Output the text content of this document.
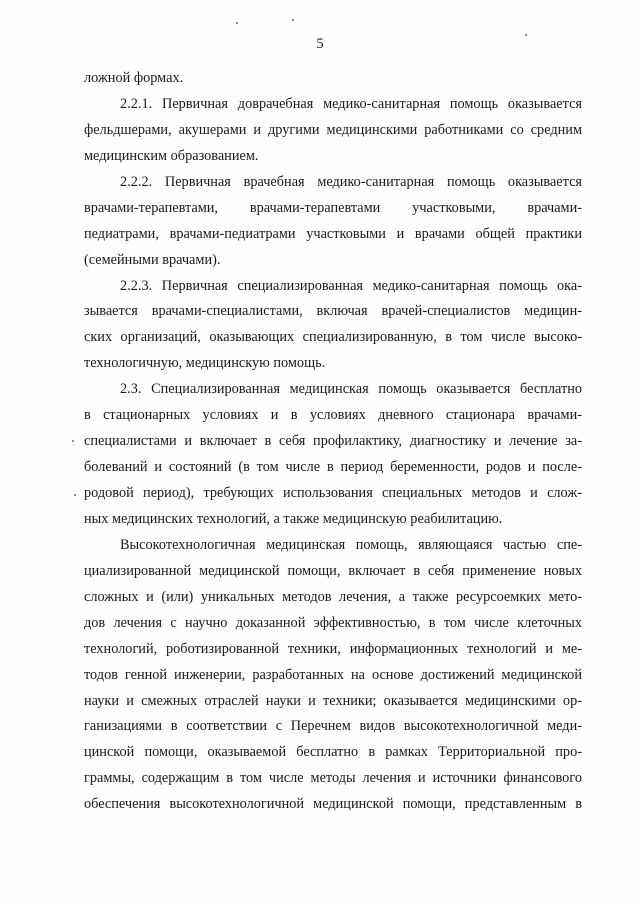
5
ложной формах.
2.2.1. Первичная доврачебная медико-санитарная помощь оказывается
фельдшерами, акушерами и другими медицинскими работниками со средним
медицинским образованием.
2.2.2. Первичная врачебная медико-санитарная помощь оказывается
врачами-терапевтами, врачами-терапевтами участковыми, врачами-
педиатрами, врачами-педиатрами участковыми и врачами общей практики
(семейными врачами).
2.2.3. Первичная специализированная медико-санитарная помощь ока-
зывается врачами-специалистами, включая врачей-специалистов медицин-
ских организаций, оказывающих специализированную, в том числе высоко-
технологичную, медицинскую помощь.
2.3. Специализированная медицинская помощь оказывается бесплатно
в стационарных условиях и в условиях дневного стационара врачами-
специалистами и включает в себя профилактику, диагностику и лечение за-
болеваний и состояний (в том числе в период беременности, родов и после-
родовой период), требующих использования специальных методов и слож-
ных медицинских технологий, а также медицинскую реабилитацию.
Высокотехнологичная медицинская помощь, являющаяся частью спе-
циализированной медицинской помощи, включает в себя применение новых
сложных и (или) уникальных методов лечения, а также ресурсоемких мето-
дов лечения с научно доказанной эффективностью, в том числе клеточных
технологий, роботизированной техники, информационных технологий и ме-
тодов генной инженерии, разработанных на основе достижений медицинской
науки и смежных отраслей науки и техники; оказывается медицинскими ор-
ганизациями в соответствии с Перечнем видов высокотехнологичной меди-
цинской помощи, оказываемой бесплатно в рамках Территориальной про-
граммы, содержащим в том числе методы лечения и источники финансового
обеспечения высокотехнологичной медицинской помощи, представленным в
